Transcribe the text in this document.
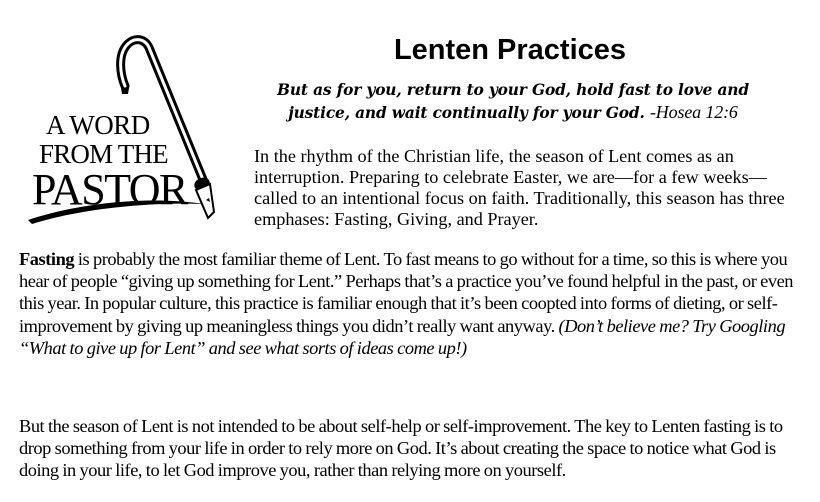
A WORD
FROM THE
PASTOR
Lenten Practices
But as for you, return to your God, hold fast to love and
justice, and wait continually for your God. -Hosea 12:6

In the rhythm of the Christian life, the season of Lent comes as an interruption. Preparing to celebrate Easter, we are—for a few weeks—called to an intentional focus on faith. Traditionally, this season has three emphases: Fasting, Giving, and Prayer.

Fasting is probably the most familiar theme of Lent. To fast means to go without for a time, so this is where you hear of people “giving up something for Lent.” Perhaps that’s a practice you’ve found helpful in the past, or even this year. In popular culture, this practice is familiar enough that it’s been coopted into forms of dieting, or self-improvement by giving up meaningless things you didn’t really want anyway. (Don’t believe me? Try Googling “What to give up for Lent” and see what sorts of ideas come up!)

But the season of Lent is not intended to be about self-help or self-improvement. The key to Lenten fasting is to drop something from your life in order to rely more on God. It’s about creating the space to notice what God is doing in your life, to let God improve you, rather than relying more on yourself.
